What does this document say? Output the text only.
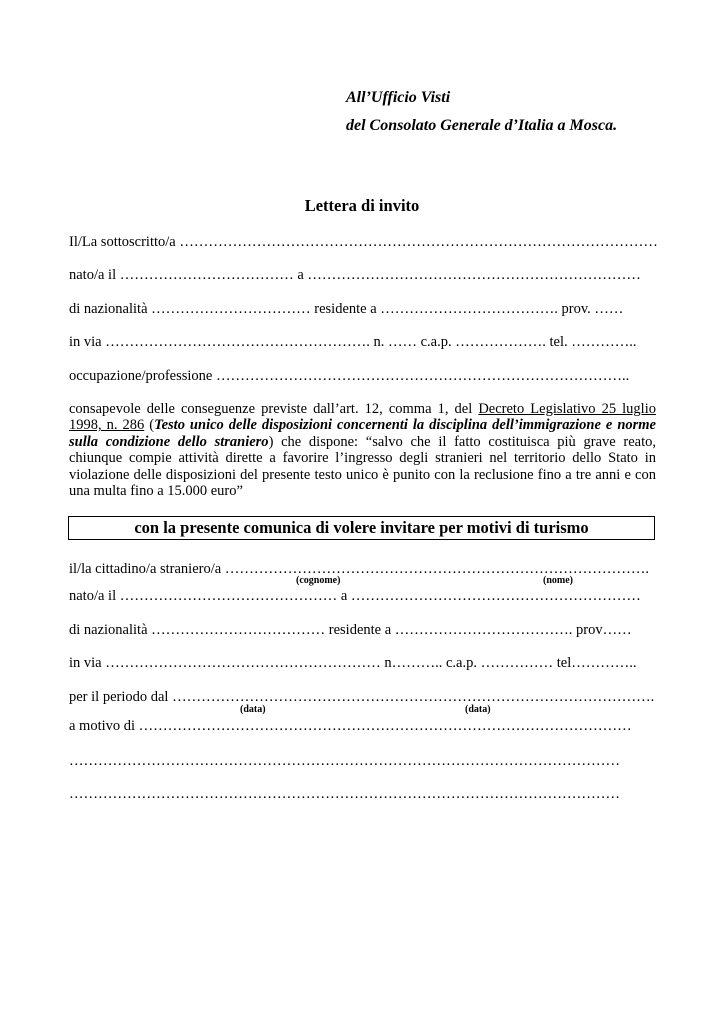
All’Ufficio Visti
del Consolato Generale d’Italia a Mosca.
Lettera di invito
Il/La sottoscritto/a ………………………………………………………………………………………
nato/a il ……………………………… a ……………………………………………………………
di nazionalità …………………………… residente a ………………………………. prov. ……
in via ………………………………………………. n. …… c.a.p. ………………. tel. …………..
occupazione/professione …………………………………………………………………………..
consapevole delle conseguenze previste dall’art. 12, comma 1, del Decreto Legislativo 25 luglio 1998, n. 286 (Testo unico delle disposizioni concernenti la disciplina dell’immigrazione e norme sulla condizione dello straniero) che dispone: “salvo che il fatto costituisca più grave reato, chiunque compie attività dirette a favorire l’ingresso degli stranieri nel territorio dello Stato in violazione delle disposizioni del presente testo unico è punito con la reclusione fino a tre anni e con una multa fino a 15.000 euro”
con la presente comunica di volere invitare per motivi di turismo
il/la cittadino/a straniero/a …………………………………………………………………………….
(cognome)	(nome)
nato/a il ……………………………………… a ……………………………………………………
di nazionalità ……………………………… residente a ………………………………. prov……
in via ………………………………………………… n……….. c.a.p. …………… tel…………..
per il periodo dal ……………………………………………………………………………………….
(data)	(data)
a motivo di …………………………………………………………………………………………
……………………………………………………………………………………………………
……………………………………………………………………………………………………
